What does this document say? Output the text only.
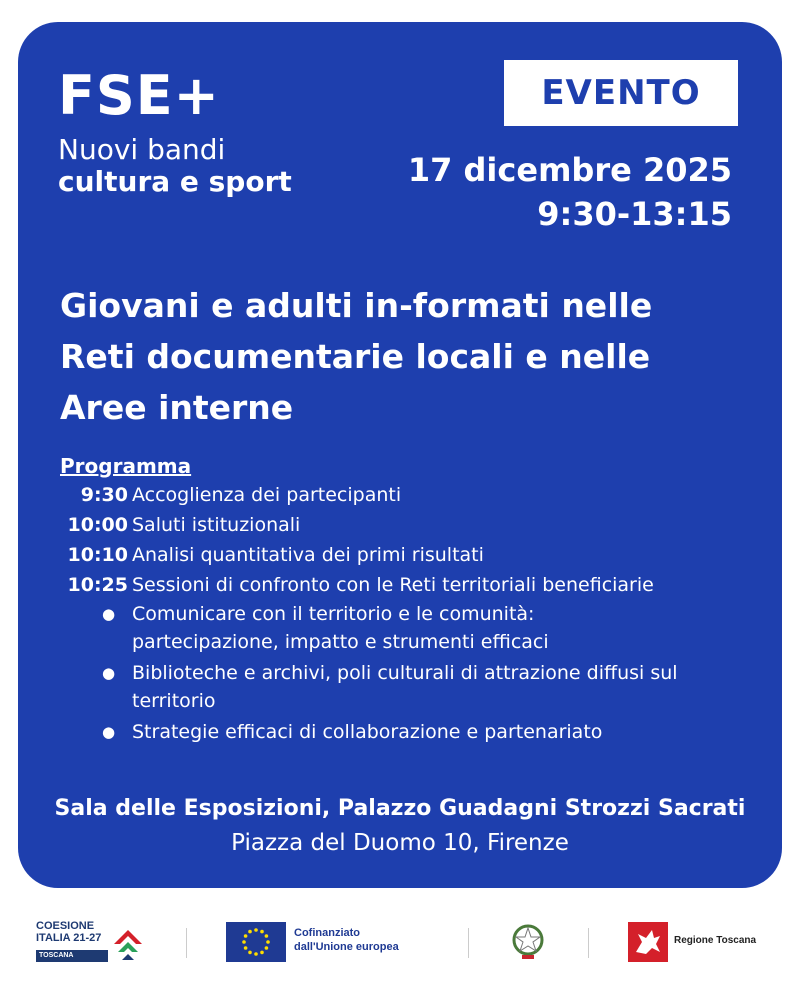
FSE+
Nuovi bandi
cultura e sport
EVENTO
17 dicembre 2025
9:30-13:15
Giovani e adulti in-formati nelle
Reti documentarie locali e nelle
Aree interne
Programma
9:30 Accoglienza dei partecipanti
10:00 Saluti istituzionali
10:10 Analisi quantitativa dei primi risultati
10:25 Sessioni di confronto con le Reti territoriali beneficiarie
● Comunicare con il territorio e le comunità:
partecipazione, impatto e strumenti efficaci
● Biblioteche e archivi, poli culturali di attrazione diffusi sul
territorio
● Strategie efficaci di collaborazione e partenariato
Sala delle Esposizioni, Palazzo Guadagni Strozzi Sacrati
Piazza del Duomo 10, Firenze
COESIONE
ITALIA 21-27
TOSCANA
Cofinanziato
dall'Unione europea
Regione Toscana
